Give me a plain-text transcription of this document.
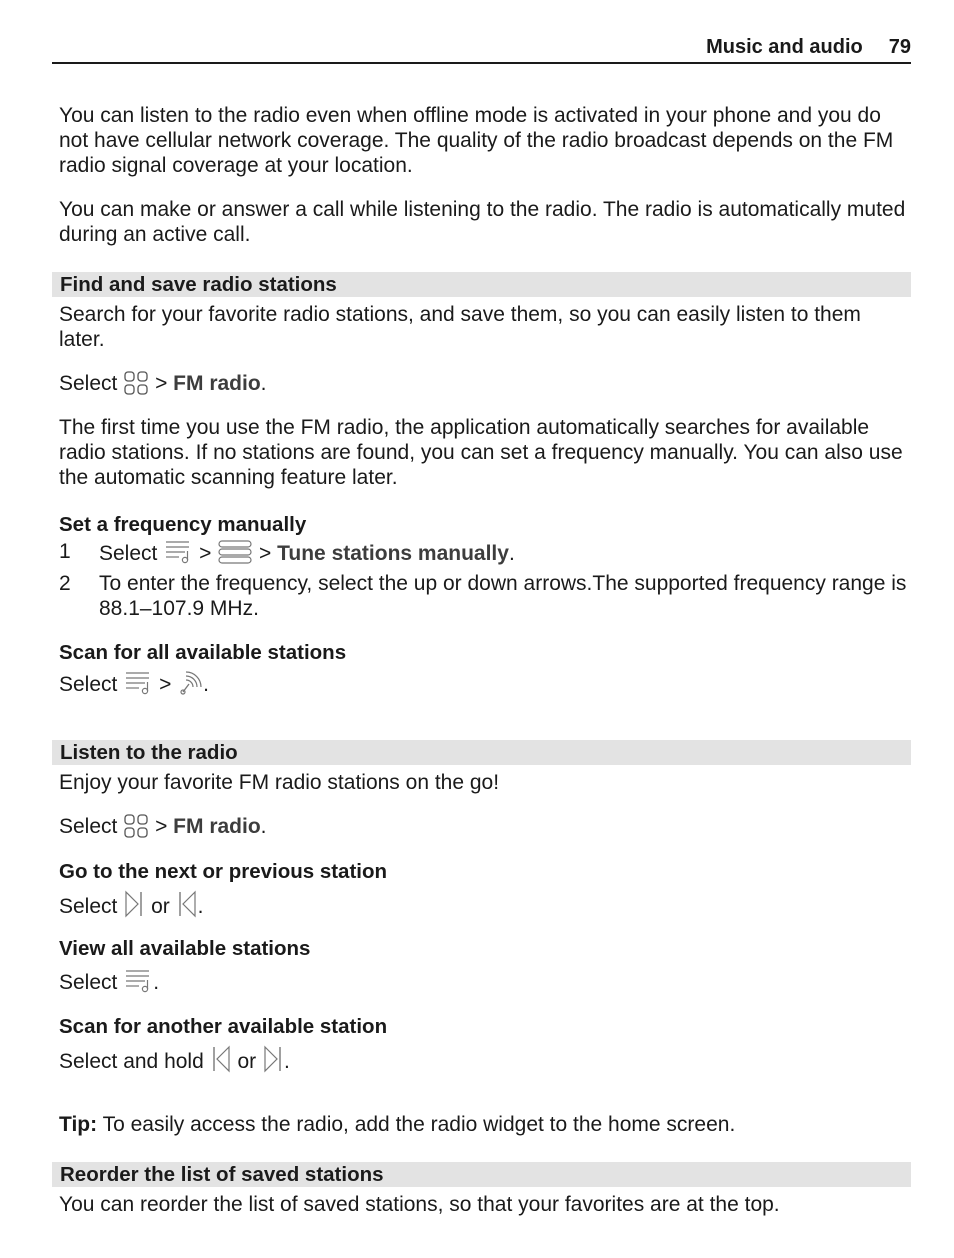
Music and audio 79

You can listen to the radio even when offline mode is activated in your phone and you do not have cellular network coverage. The quality of the radio broadcast depends on the FM radio signal coverage at your location.

You can make or answer a call while listening to the radio. The radio is automatically muted during an active call.

Find and save radio stations

Search for your favorite radio stations, and save them, so you can easily listen to them later.

Select > FM radio.

The first time you use the FM radio, the application automatically searches for available radio stations. If no stations are found, you can set a frequency manually. You can also use the automatic scanning feature later.

Set a frequency manually
1 Select > > Tune stations manually.
2 To enter the frequency, select the up or down arrows.The supported frequency range is 88.1–107.9 MHz.
Scan for all available stations

Select > .

Listen to the radio

Enjoy your favorite FM radio stations on the go!

Select > FM radio.

Go to the next or previous station

Select or .

View all available stations

Select .

Scan for another available station

Select and hold or .

Tip: To easily access the radio, add the radio widget to the home screen.

Reorder the list of saved stations

You can reorder the list of saved stations, so that your favorites are at the top.
